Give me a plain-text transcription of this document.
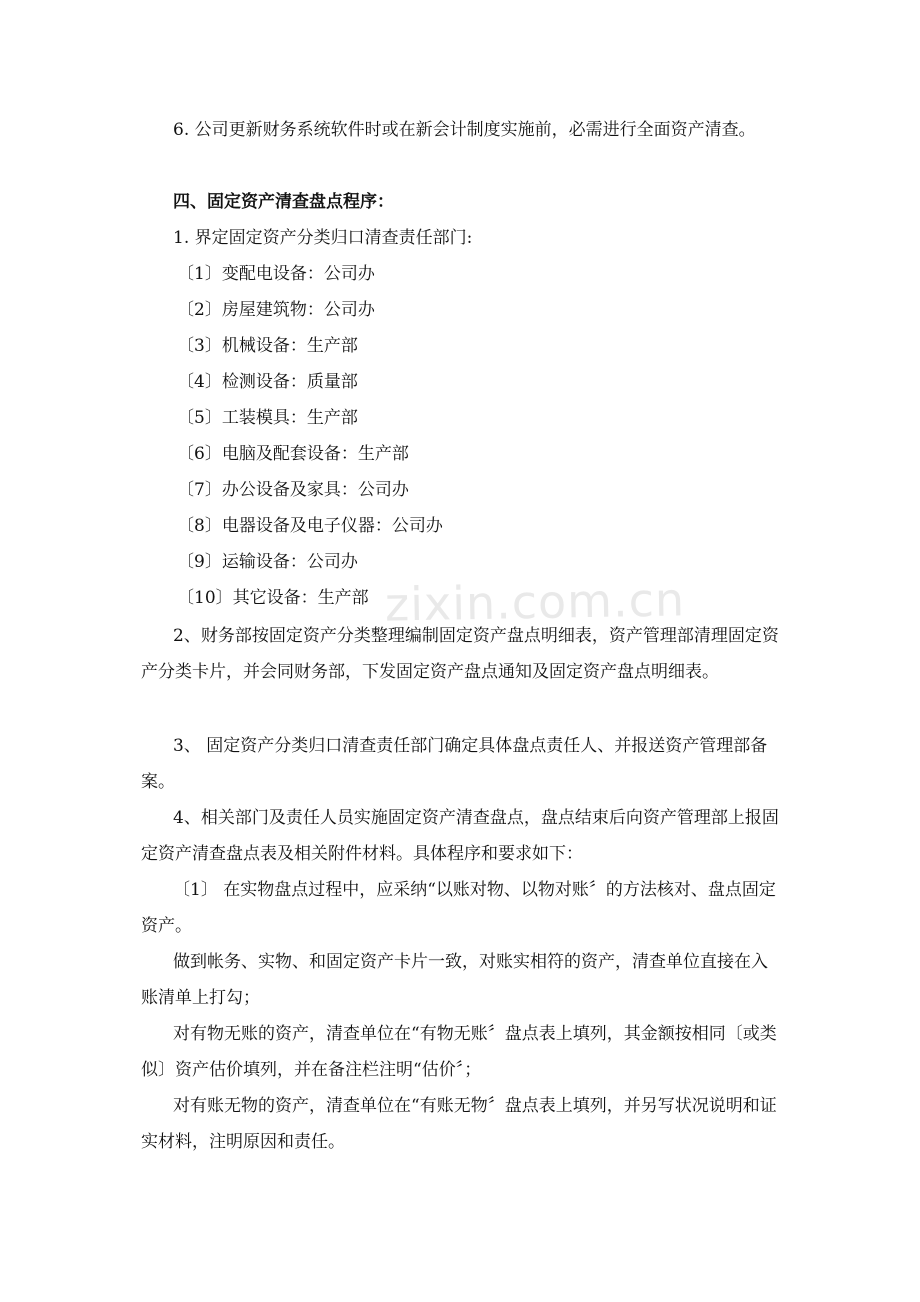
zixin.com.cn
6. 公司更新财务系统软件时或在新会计制度实施前，必需进行全面资产清查。
四、固定资产清查盘点程序：
1. 界定固定资产分类归口清查责任部门:
〔1〕变配电设备：公司办
〔2〕房屋建筑物：公司办
〔3〕机械设备：生产部
〔4〕检测设备：质量部
〔5〕工装模具：生产部
〔6〕电脑及配套设备：生产部
〔7〕办公设备及家具：公司办
〔8〕电器设备及电子仪器：公司办
〔9〕运输设备：公司办
〔10〕其它设备：生产部
2、财务部按固定资产分类整理编制固定资产盘点明细表，资产管理部清理固定资产分类卡片，并会同财务部，下发固定资产盘点通知及固定资产盘点明细表。
3、 固定资产分类归口清查责任部门确定具体盘点责任人、并报送资产管理部备案。
4、相关部门及责任人员实施固定资产清查盘点，盘点结束后向资产管理部上报固定资产清查盘点表及相关附件材料。具体程序和要求如下：
〔1〕 在实物盘点过程中，应采纳“以账对物、以物对账〞的方法核对、盘点固定资产。
做到帐务、实物、和固定资产卡片一致，对账实相符的资产，清查单位直接在入账清单上打勾；
对有物无账的资产，清查单位在“有物无账〞盘点表上填列，其金额按相同〔或类似〕资产估价填列，并在备注栏注明“估价〞；
对有账无物的资产，清查单位在“有账无物〞盘点表上填列，并另写状况说明和证实材料，注明原因和责任。
